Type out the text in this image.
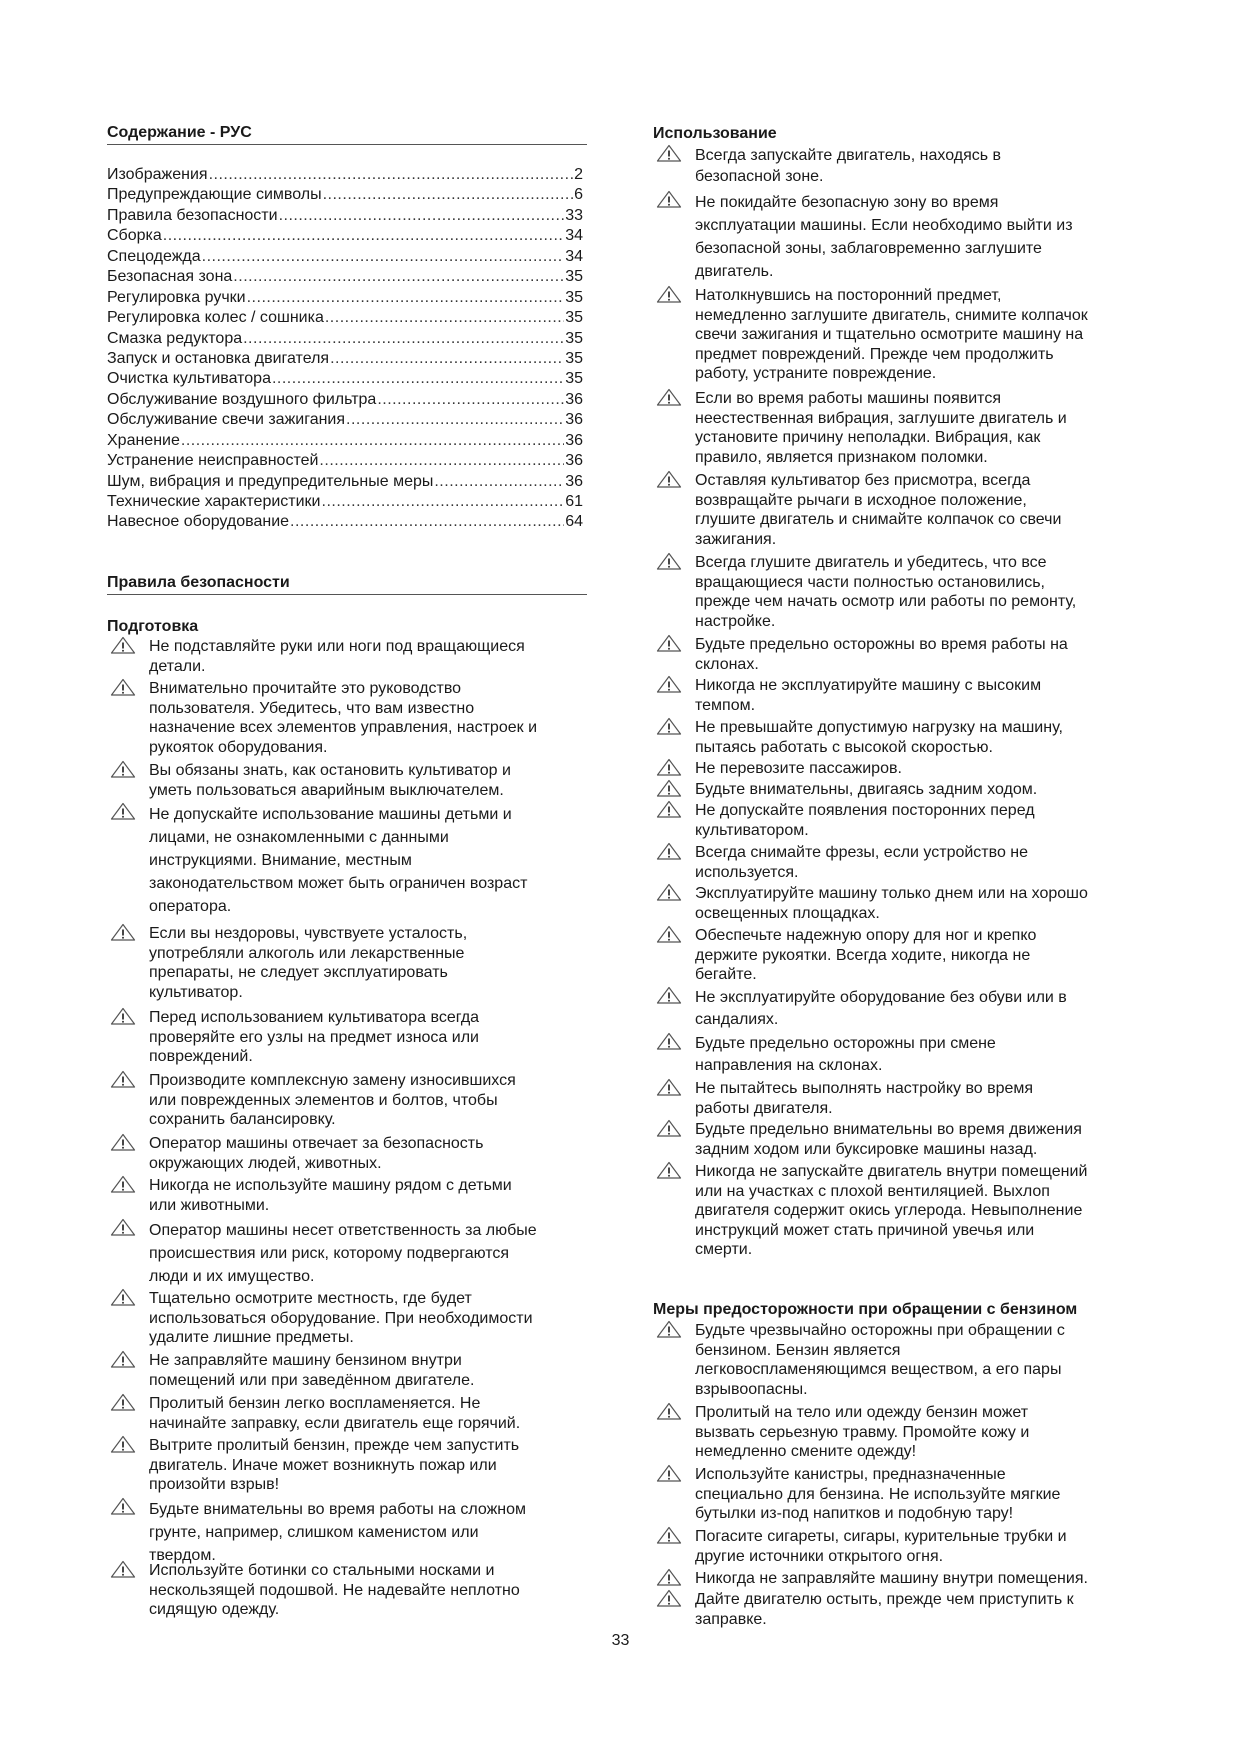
Содержание - РУС
Изображения .....	2
Предупреждающие символы .....	6
Правила безопасности .....	33
Сборка .....	34
Спецодежда .....	34
Безопасная зона .....	35
Регулировка ручки .....	35
Регулировка колес / сошника .....	35
Смазка редуктора .....	35
Запуск и остановка двигателя .....	35
Очистка культиватора .....	35
Обслуживание воздушного фильтра .....	36
Обслуживание свечи зажигания .....	36
Хранение .....	36
Устранение неисправностей .....	36
Шум, вибрация и предупредительные меры .....	36
Технические характеристики .....	61
Навесное оборудование .....	64
Правила безопасности
Подготовка
Не подставляйте руки или ноги под вращающиеся
детали.
Внимательно прочитайте это руководство
пользователя. Убедитесь, что вам известно
назначение всех элементов управления, настроек и
рукояток оборудования.
Вы обязаны знать, как остановить культиватор и
уметь пользоваться аварийным выключателем.
Не допускайте использование машины детьми и
лицами, не ознакомленными с данными
инструкциями. Внимание, местным
законодательством может быть ограничен возраст
оператора.
Если вы нездоровы, чувствуете усталость,
употребляли алкоголь или лекарственные
препараты, не следует эксплуатировать
культиватор.
Перед использованием культиватора всегда
проверяйте его узлы на предмет износа или
повреждений.
Производите комплексную замену износившихся
или поврежденных элементов и болтов, чтобы
сохранить балансировку.
Оператор машины отвечает за безопасность
окружающих людей, животных.
Никогда не используйте машину рядом с детьми
или животными.
Оператор машины несет ответственность за любые
происшествия или риск, которому подвергаются
люди и их имущество.
Тщательно осмотрите местность, где будет
использоваться оборудование. При необходимости
удалите лишние предметы.
Не заправляйте машину бензином внутри
помещений или при заведённом двигателе.
Пролитый бензин легко воспламеняется. Не
начинайте заправку, если двигатель еще горячий.
Вытрите пролитый бензин, прежде чем запустить
двигатель. Иначе может возникнуть пожар или
произойти взрыв!
Будьте внимательны во время работы на сложном
грунте, например, слишком каменистом или
твердом.
Используйте ботинки со стальными носками и
нескользящей подошвой. Не надевайте неплотно
сидящую одежду.
Использование
Всегда запускайте двигатель, находясь в
безопасной зоне.
Не покидайте безопасную зону во время
эксплуатации машины. Если необходимо выйти из
безопасной зоны, заблаговременно заглушите
двигатель.
Натолкнувшись на посторонний предмет,
немедленно заглушите двигатель, снимите колпачок
свечи зажигания и тщательно осмотрите машину на
предмет повреждений. Прежде чем продолжить
работу, устраните повреждение.
Если во время работы машины появится
неестественная вибрация, заглушите двигатель и
установите причину неполадки. Вибрация, как
правило, является признаком поломки.
Оставляя культиватор без присмотра, всегда
возвращайте рычаги в исходное положение,
глушите двигатель и снимайте колпачок со свечи
зажигания.
Всегда глушите двигатель и убедитесь, что все
вращающиеся части полностью остановились,
прежде чем начать осмотр или работы по ремонту,
настройке.
Будьте предельно осторожны во время работы на
склонах.
Никогда не эксплуатируйте машину с высоким
темпом.
Не превышайте допустимую нагрузку на машину,
пытаясь работать с высокой скоростью.
Не перевозите пассажиров.
Будьте внимательны, двигаясь задним ходом.
Не допускайте появления посторонних перед
культиватором.
Всегда снимайте фрезы, если устройство не
используется.
Эксплуатируйте машину только днем или на хорошо
освещенных площадках.
Обеспечьте надежную опору для ног и крепко
держите рукоятки. Всегда ходите, никогда не
бегайте.
Не эксплуатируйте оборудование без обуви или в
сандалиях.
Будьте предельно осторожны при смене
направления на склонах.
Не пытайтесь выполнять настройку во время
работы двигателя.
Будьте предельно внимательны во время движения
задним ходом или буксировке машины назад.
Никогда не запускайте двигатель внутри помещений
или на участках с плохой вентиляцией. Выхлоп
двигателя содержит окись углерода. Невыполнение
инструкций может стать причиной увечья или
смерти.
Меры предосторожности при обращении с бензином
Будьте чрезвычайно осторожны при обращении с
бензином. Бензин является
легковоспламеняющимся веществом, а его пары
взрывоопасны.
Пролитый на тело или одежду бензин может
вызвать серьезную травму. Промойте кожу и
немедленно смените одежду!
Используйте канистры, предназначенные
специально для бензина. Не используйте мягкие
бутылки из-под напитков и подобную тару!
Погасите сигареты, сигары, курительные трубки и
другие источники открытого огня.
Никогда не заправляйте машину внутри помещения.
Дайте двигателю остыть, прежде чем приступить к
заправке.
33
